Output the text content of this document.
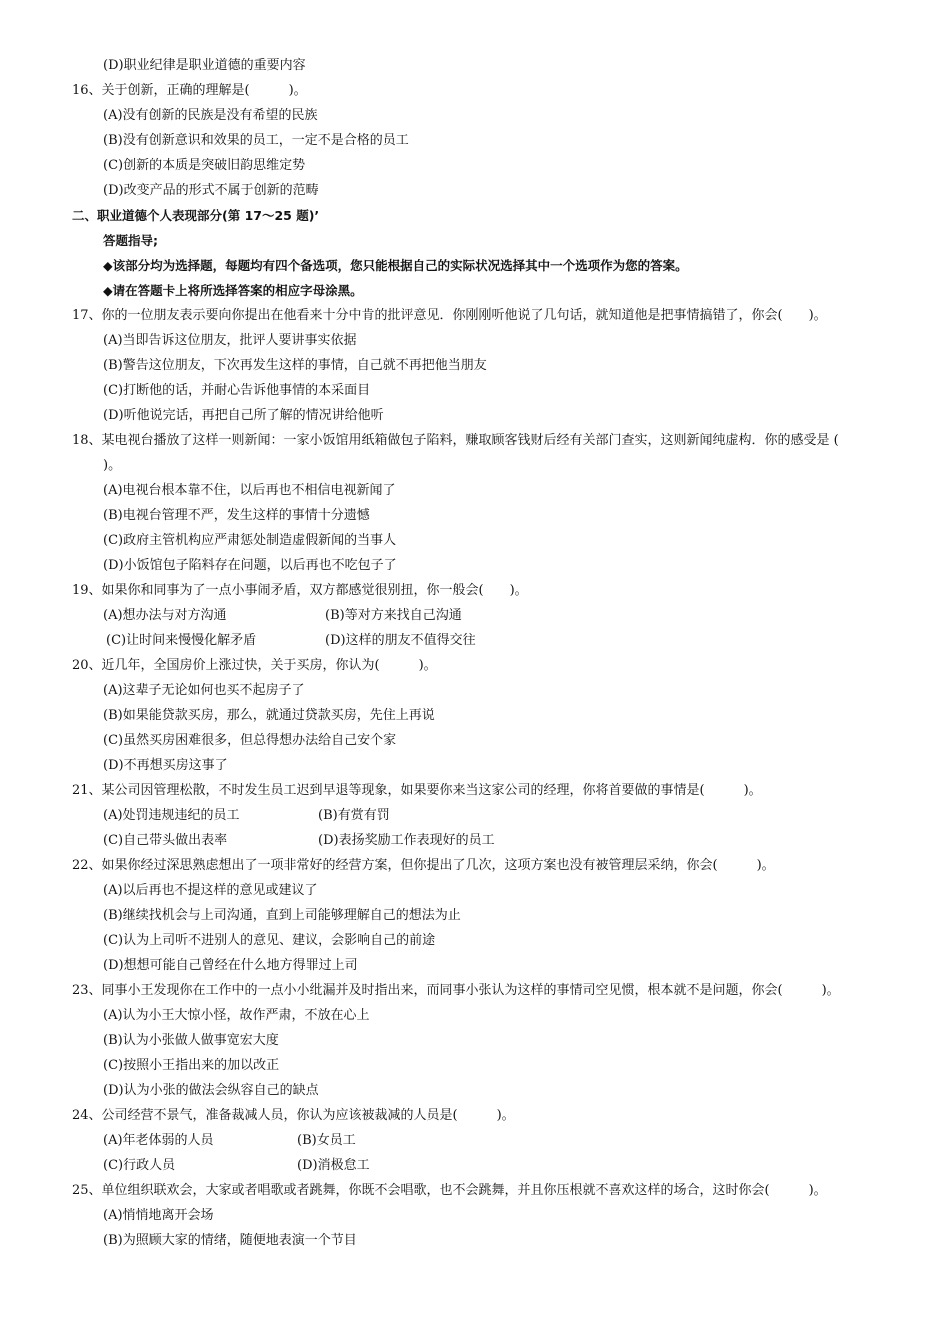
(D)职业纪律是职业道德的重要内容
16、关于创新，正确的理解是(　　　)。
(A)没有创新的民族是没有希望的民族
(B)没有创新意识和效果的员工，一定不是合格的员工
(C)创新的本质是突破旧韵思维定势
(D)改变产品的形式不属于创新的范畴
二、职业道德个人表现部分(第 17～25 题)’
答题指导;
◆该部分均为选择题，每题均有四个备选项，您只能根据自己的实际状况选择其中一个选项作为您的答案。
◆请在答题卡上将所选择答案的相应字母涂黑。
17、你的一位朋友表示要向你提出在他看来十分中肯的批评意见．你刚刚听他说了几句话，就知道他是把事情搞错了，你会(　　)。
(A)当即告诉这位朋友，批评人要讲事实依据
(B)警告这位朋友，下次再发生这样的事情，自己就不再把他当朋友
(C)打断他的话，并耐心告诉他事情的本采面目
(D)听他说完话，再把自己所了解的情况讲给他听
18、某电视台播放了这样一则新闻：一家小饭馆用纸箱做包子陷料，赚取顾客钱财后经有关部门查实，这则新闻纯虚构．你的感受是 (
)。
(A)电视台根本靠不住，以后再也不相信电视新闻了
(B)电视台管理不严，发生这样的事情十分遗憾
(C)政府主管机构应严肃惩处制造虚假新闻的当事人
(D)小饭馆包子陷料存在问题，以后再也不吃包子了
19、如果你和同事为了一点小事闹矛盾，双方都感觉很别扭，你一般会(　　)。
(A)想办法与对方沟通	(B)等对方来找自己沟通
(C)让时间来慢慢化解矛盾	(D)这样的朋友不值得交往
20、近几年，全国房价上涨过快，关于买房，你认为(　　　)。
(A)这辈子无论如何也买不起房子了
(B)如果能贷款买房，那么，就通过贷款买房，先住上再说
(C)虽然买房困难很多，但总得想办法给自己安个家
(D)不再想买房这事了
21、某公司因管理松散，不时发生员工迟到早退等现象，如果要你来当这家公司的经理，你将首要做的事情是(　　　)。
(A)处罚违规违纪的员工	(B)有赏有罚
(C)自己带头做出表率	(D)表扬奖励工作表现好的员工
22、如果你经过深思熟虑想出了一项非常好的经营方案，但你提出了几次，这项方案也没有被管理层采纳，你会(　　　)。
(A)以后再也不提这样的意见或建议了
(B)继续找机会与上司沟通，直到上司能够理解自己的想法为止
(C)认为上司听不进别人的意见、建议，会影响自己的前途
(D)想想可能自己曾经在什么地方得罪过上司
23、同事小王发现你在工作中的一点小小纰漏并及时指出来，而同事小张认为这样的事情司空见惯，根本就不是问题，你会(　　　)。
(A)认为小王大惊小怪，故作严肃，不放在心上
(B)认为小张做人做事宽宏大度
(C)按照小王指出来的加以改正
(D)认为小张的做法会纵容自己的缺点
24、公司经营不景气，准备裁减人员，你认为应该被裁减的人员是(　　　)。
(A)年老体弱的人员	(B)女员工
(C)行政人员	(D)消极怠工
25、单位组织联欢会，大家或者唱歌或者跳舞，你既不会唱歌，也不会跳舞，并且你压根就不喜欢这样的场合，这时你会(　　　)。
(A)悄悄地离开会场
(B)为照顾大家的情绪，随便地表演一个节目
